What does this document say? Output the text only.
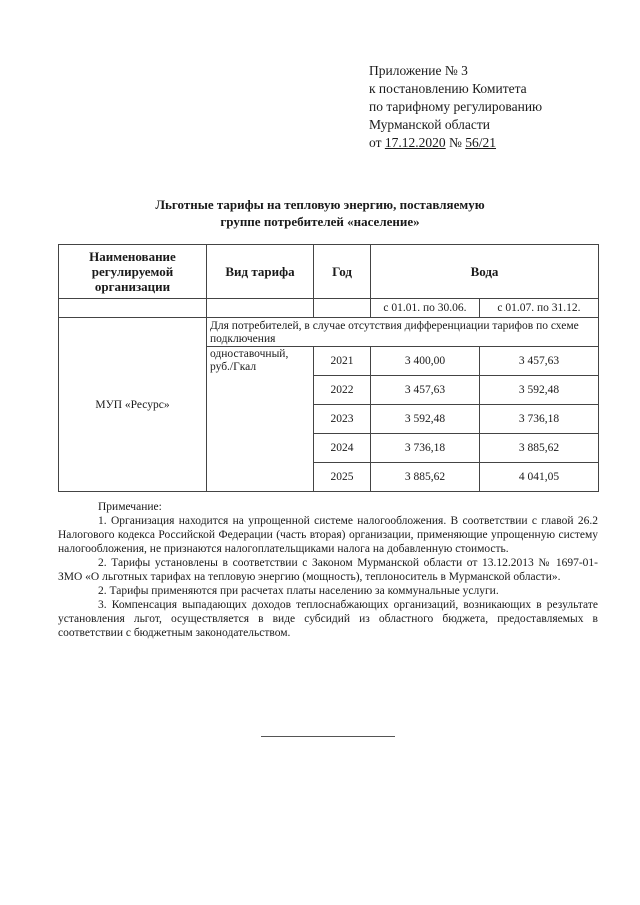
Приложение № 3
к постановлению Комитета
по тарифному регулированию
Мурманской области
от 17.12.2020 № 56/21
Льготные тарифы на тепловую энергию, поставляемую
группе потребителей «население»
Наименование регулируемой организации	Вид тарифа	Год	Вода	
			с 01.01. по 30.06.	с 01.07. по 31.12.
МУП «Ресурс»	Для потребителей, в случае отсутствия дифференциации тарифов по схеме подключения			
	одноставочный, руб./Гкал	2021	3 400,00	3 457,63
		2022	3 457,63	3 592,48
		2023	3 592,48	3 736,18
		2024	3 736,18	3 885,62
		2025	3 885,62	4 041,05

Примечание:

1. Организация находится на упрощенной системе налогообложения. В соответствии с главой 26.2 Налогового кодекса Российской Федерации (часть вторая) организации, применяющие упрощенную систему налогообложения, не признаются налогоплательщиками налога на добавленную стоимость.

2. Тарифы установлены в соответствии с Законом Мурманской области от 13.12.2013 № 1697-01-ЗМО «О льготных тарифах на тепловую энергию (мощность), теплоноситель в Мурманской области».

2. Тарифы применяются при расчетах платы населению за коммунальные услуги.

3. Компенсация выпадающих доходов теплоснабжающих организаций, возникающих в результате установления льгот, осуществляется в виде субсидий из областного бюджета, предоставляемых в соответствии с бюджетным законодательством.
